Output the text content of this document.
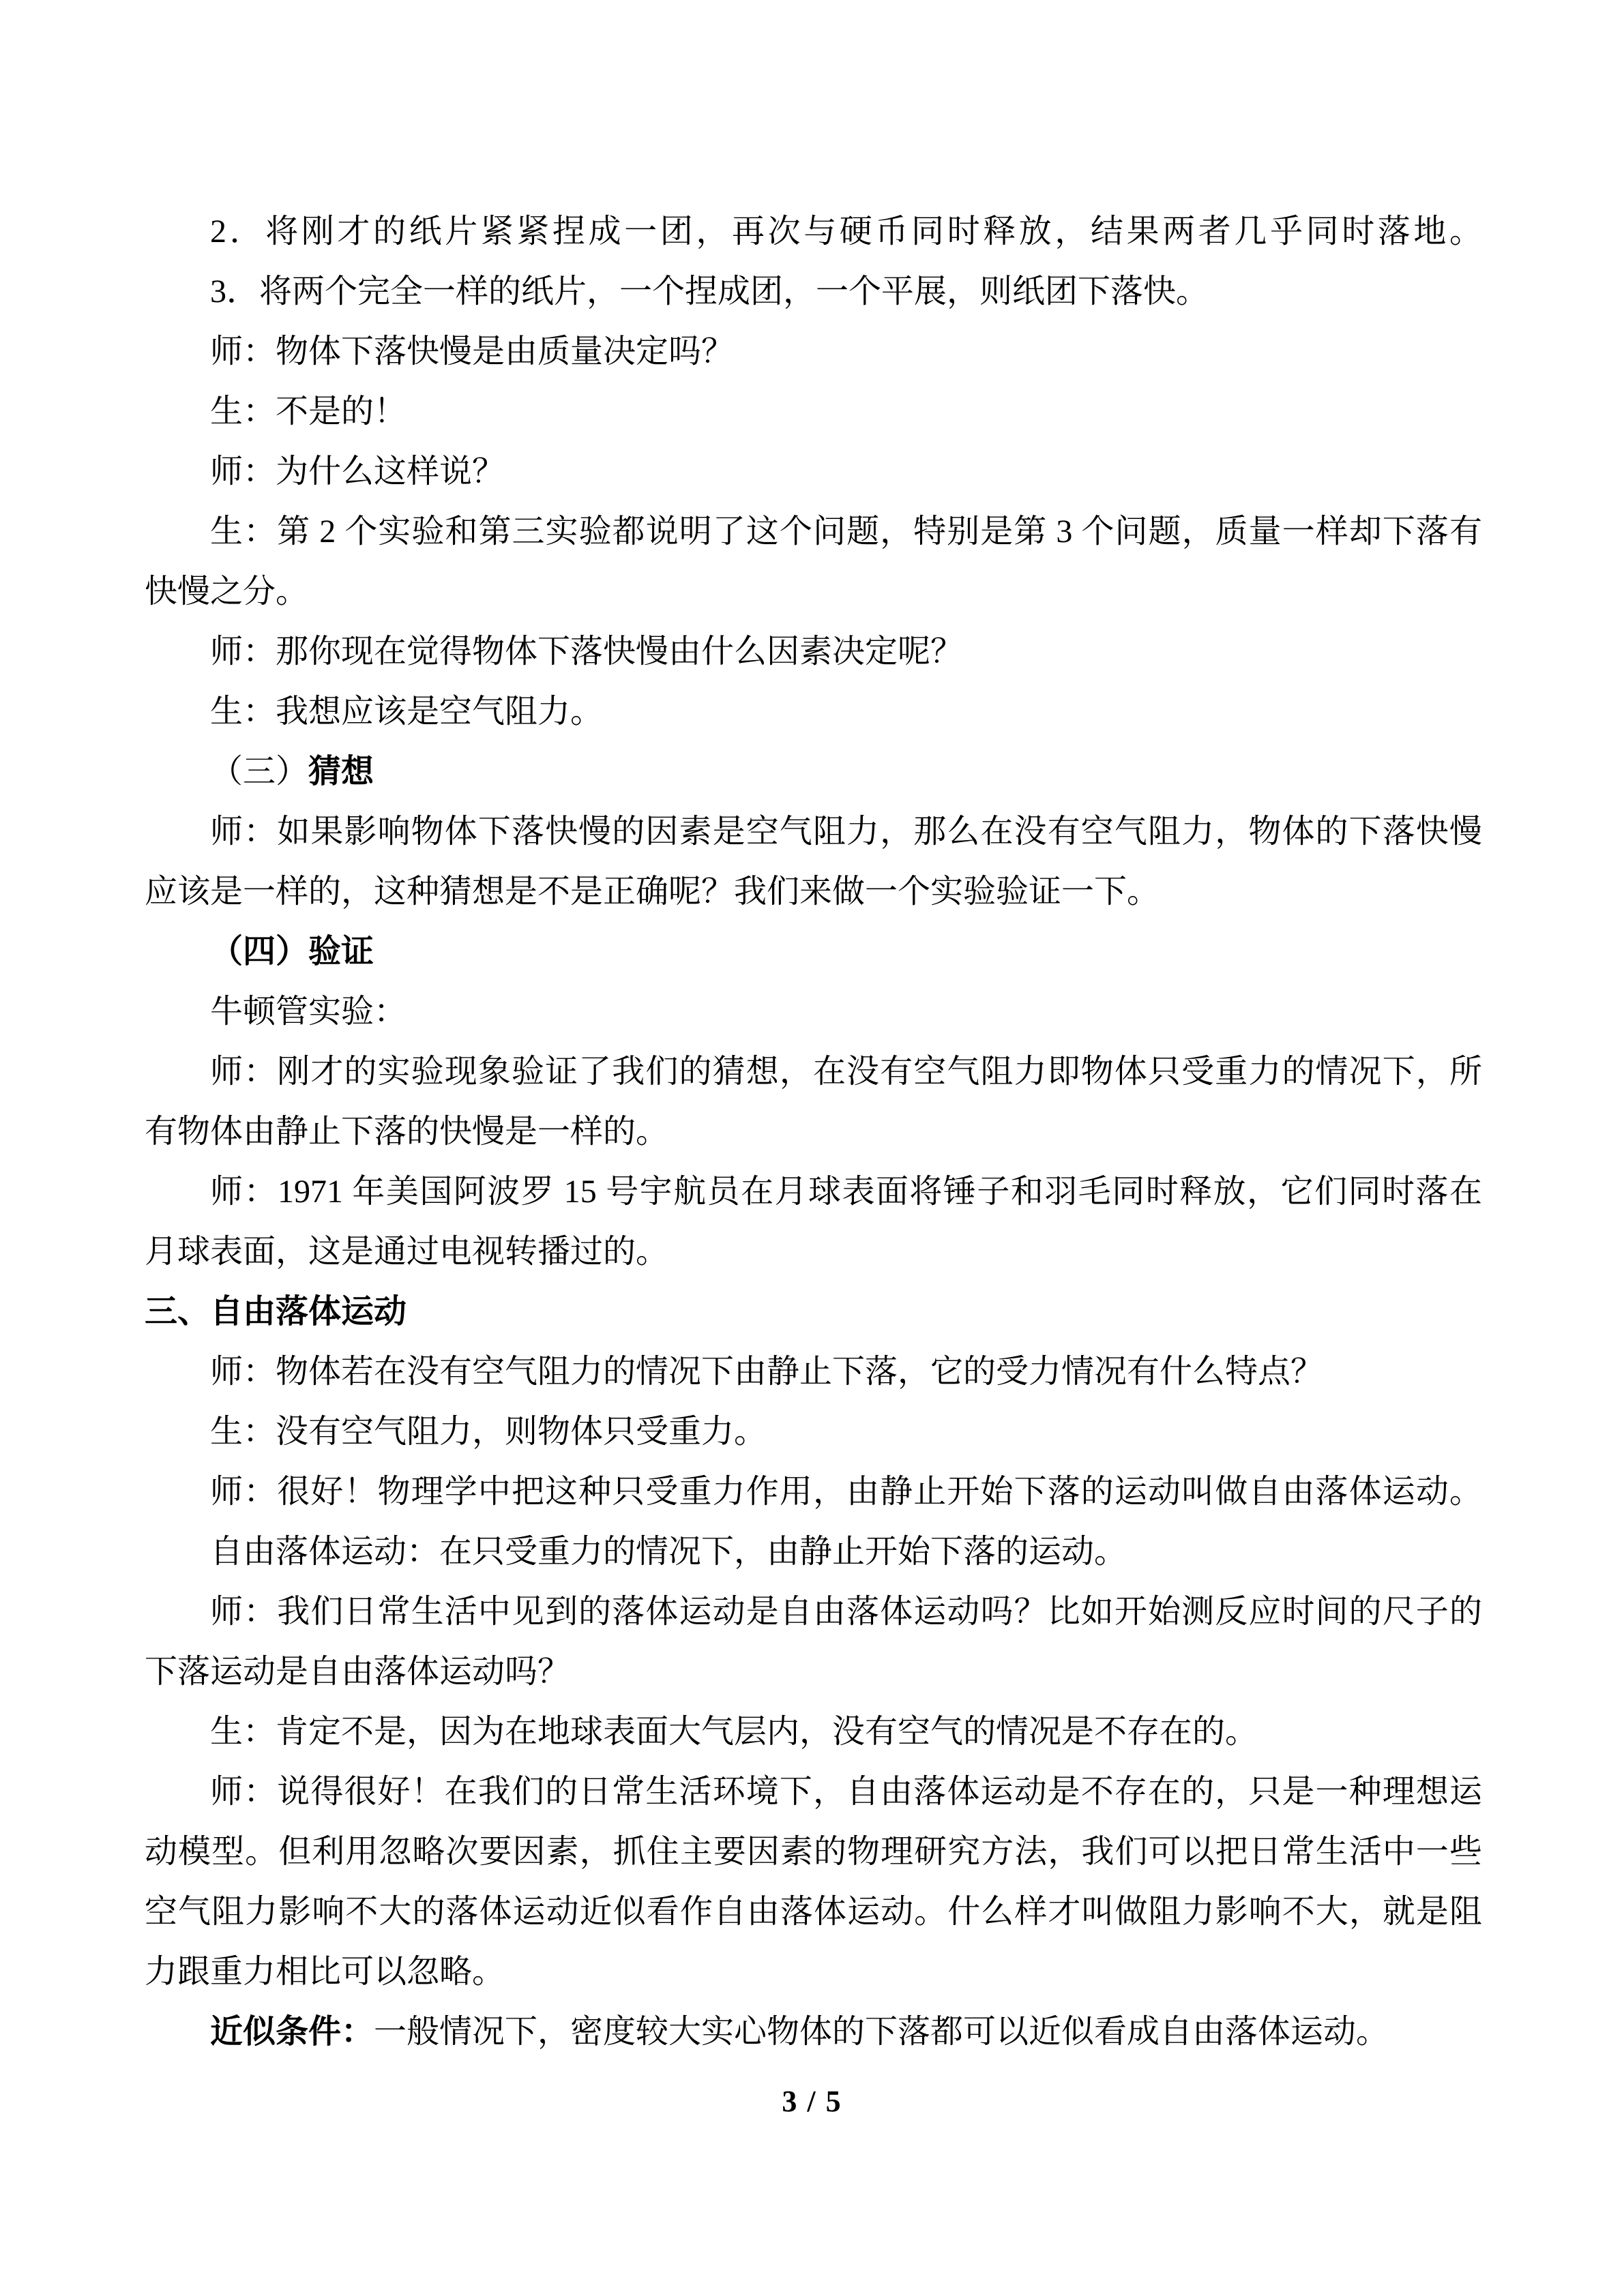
2．将刚才的纸片紧紧捏成一团，再次与硬币同时释放，结果两者几乎同时落地。
3．将两个完全一样的纸片，一个捏成团，一个平展，则纸团下落快。
师：物体下落快慢是由质量决定吗？
生：不是的！
师：为什么这样说？
生：第 2 个实验和第三实验都说明了这个问题，特别是第 3 个问题，质量一样却下落有
快慢之分。
师：那你现在觉得物体下落快慢由什么因素决定呢？
生：我想应该是空气阻力。
（三）猜想
师：如果影响物体下落快慢的因素是空气阻力，那么在没有空气阻力，物体的下落快慢
应该是一样的，这种猜想是不是正确呢？我们来做一个实验验证一下。
（四）验证
牛顿管实验：
师：刚才的实验现象验证了我们的猜想，在没有空气阻力即物体只受重力的情况下，所
有物体由静止下落的快慢是一样的。
师：1971 年美国阿波罗 15 号宇航员在月球表面将锤子和羽毛同时释放，它们同时落在
月球表面，这是通过电视转播过的。
三、自由落体运动
师：物体若在没有空气阻力的情况下由静止下落，它的受力情况有什么特点？
生：没有空气阻力，则物体只受重力。
师：很好！物理学中把这种只受重力作用，由静止开始下落的运动叫做自由落体运动。
自由落体运动：在只受重力的情况下，由静止开始下落的运动。
师：我们日常生活中见到的落体运动是自由落体运动吗？比如开始测反应时间的尺子的
下落运动是自由落体运动吗？
生：肯定不是，因为在地球表面大气层内，没有空气的情况是不存在的。
师：说得很好！在我们的日常生活环境下，自由落体运动是不存在的，只是一种理想运
动模型。但利用忽略次要因素，抓住主要因素的物理研究方法，我们可以把日常生活中一些
空气阻力影响不大的落体运动近似看作自由落体运动。什么样才叫做阻力影响不大，就是阻
力跟重力相比可以忽略。
近似条件：一般情况下，密度较大实心物体的下落都可以近似看成自由落体运动。
3 / 5
